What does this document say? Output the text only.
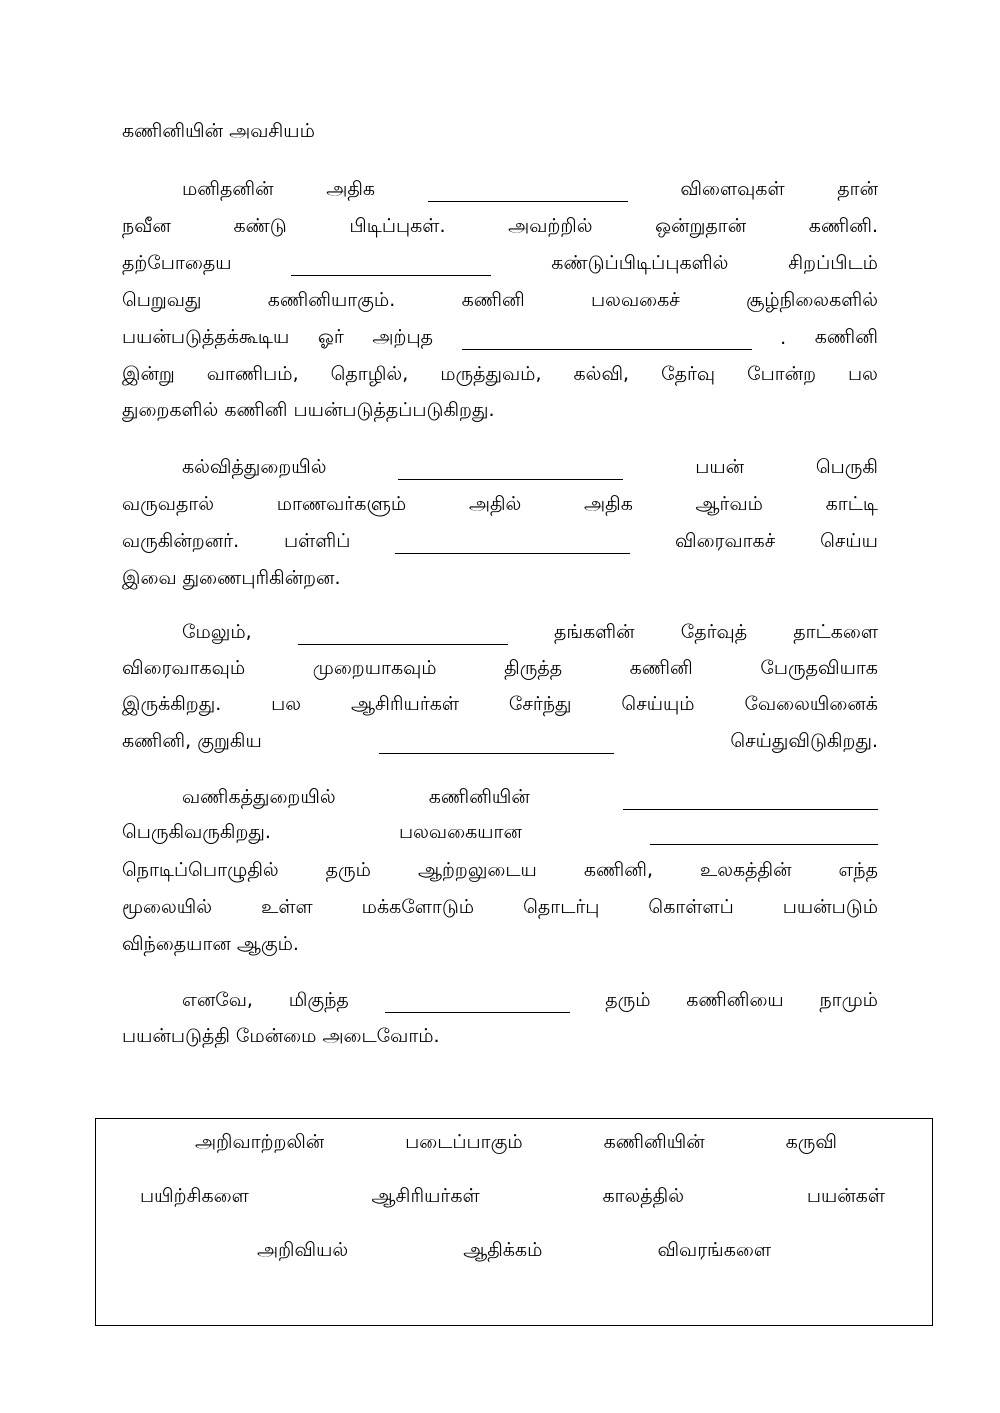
கணினியின் அவசியம்
மனிதனின்	அதிக	விளைவுகள்	தான்
நவீன	கண்டு	பிடிப்புகள்.	அவற்றில்	ஒன்றுதான்	கணினி.
தற்போதைய	கண்டுப்பிடிப்புகளில்	சிறப்பிடம்
பெறுவது	கணினியாகும்.	கணினி	பலவகைச்	சூழ்நிலைகளில்
பயன்படுத்தக்கூடிய ஓர் அற்புத	. கணினி
இன்று வாணிபம், தொழில், மருத்துவம், கல்வி, தேர்வு போன்ற பல
துறைகளில் கணினி பயன்படுத்தப்படுகிறது.
கல்வித்துறையில்	பயன்	பெருகி
வருவதால்	மாணவர்களும்	அதில்	அதிக	ஆர்வம்	காட்டி
வருகின்றனர். பள்ளிப்	விரைவாகச் செய்ய
இவை துணைபுரிகின்றன.
மேலும்,	தங்களின் தேர்வுத் தாட்களை
விரைவாகவும்	முறையாகவும்	திருத்த	கணினி	பேருதவியாக
இருக்கிறது.	பல	ஆசிரியர்கள்	சேர்ந்து	செய்யும்	வேலையினைக்
கணினி, குறுகிய	செய்துவிடுகிறது.
வணிகத்துறையில்	கணினியின்
பெருகிவருகிறது.	பலவகையான
நொடிப்பொழுதில் தரும் ஆற்றலுடைய கணினி, உலகத்தின் எந்த
மூலையில்	உள்ள	மக்களோடும்	தொடர்பு	கொள்ளப்	பயன்படும்
விந்தையான ஆகும்.
எனவே, மிகுந்த	தரும் கணினியை நாமும்
பயன்படுத்தி மேன்மை அடைவோம்.
அறிவாற்றலின்	படைப்பாகும்	கணினியின்	கருவி
பயிற்சிகளை	ஆசிரியர்கள்	காலத்தில்	பயன்கள்
அறிவியல்	ஆதிக்கம்	விவரங்களை
